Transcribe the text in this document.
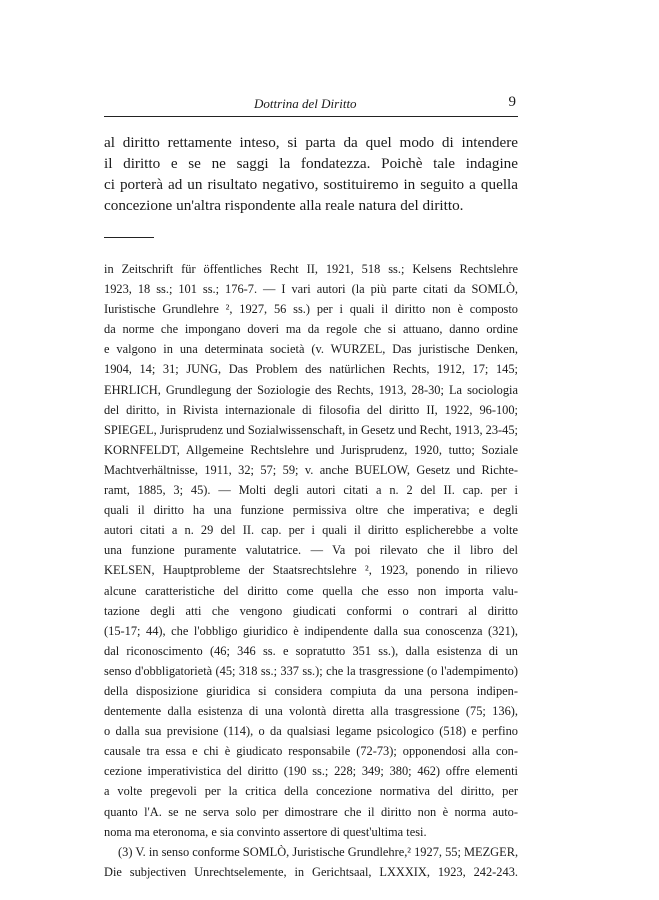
Dottrina del Diritto	9
al diritto rettamente inteso, si parta da quel modo di intendere
il diritto e se ne saggi la fondatezza. Poichè tale indagine
ci porterà ad un risultato negativo, sostituiremo in seguito a quella
concezione un'altra rispondente alla reale natura del diritto.
in Zeitschrift für öffentliches Recht II, 1921, 518 ss.; Kelsens Rechtslehre
1923, 18 ss.; 101 ss.; 176-7. — I vari autori (la più parte citati da SOMLÒ,
Iuristische Grundlehre ², 1927, 56 ss.) per i quali il diritto non è composto
da norme che impongano doveri ma da regole che si attuano, danno ordine
e valgono in una determinata società (v. WURZEL, Das juristische Denken,
1904, 14; 31; JUNG, Das Problem des natürlichen Rechts, 1912, 17; 145;
EHRLICH, Grundlegung der Soziologie des Rechts, 1913, 28-30; La sociologia
del diritto, in Rivista internazionale di filosofia del diritto II, 1922, 96-100;
SPIEGEL, Jurisprudenz und Sozialwissenschaft, in Gesetz und Recht, 1913, 23-45;
KORNFELDT, Allgemeine Rechtslehre und Jurisprudenz, 1920, tutto; Soziale
Machtverhältnisse, 1911, 32; 57; 59; v. anche BUELOW, Gesetz und Richte-
ramt, 1885, 3; 45). — Molti degli autori citati a n. 2 del II. cap. per i
quali il diritto ha una funzione permissiva oltre che imperativa; e degli
autori citati a n. 29 del II. cap. per i quali il diritto esplicherebbe a volte
una funzione puramente valutatrice. — Va poi rilevato che il libro del
KELSEN, Hauptprobleme der Staatsrechtslehre ², 1923, ponendo in rilievo
alcune caratteristiche del diritto come quella che esso non importa valu-
tazione degli atti che vengono giudicati conformi o contrari al diritto
(15-17; 44), che l'obbligo giuridico è indipendente dalla sua conoscenza (321),
dal riconoscimento (46; 346 ss. e sopratutto 351 ss.), dalla esistenza di un
senso d'obbligatorietà (45; 318 ss.; 337 ss.); che la trasgressione (o l'adempimento)
della disposizione giuridica si considera compiuta da una persona indipen-
dentemente dalla esistenza di una volontà diretta alla trasgressione (75; 136),
o dalla sua previsione (114), o da qualsiasi legame psicologico (518) e perfino
causale tra essa e chi è giudicato responsabile (72-73); opponendosi alla con-
cezione imperativistica del diritto (190 ss.; 228; 349; 380; 462) offre elementi
a volte pregevoli per la critica della concezione normativa del diritto, per
quanto l'A. se ne serva solo per dimostrare che il diritto non è norma auto-
noma ma eteronoma, e sia convinto assertore di quest'ultima tesi.
(3) V. in senso conforme SOMLÒ, Juristische Grundlehre,² 1927, 55; MEZGER,
Die subjectiven Unrechtselemente, in Gerichtsaal, LXXXIX, 1923, 242-243.
